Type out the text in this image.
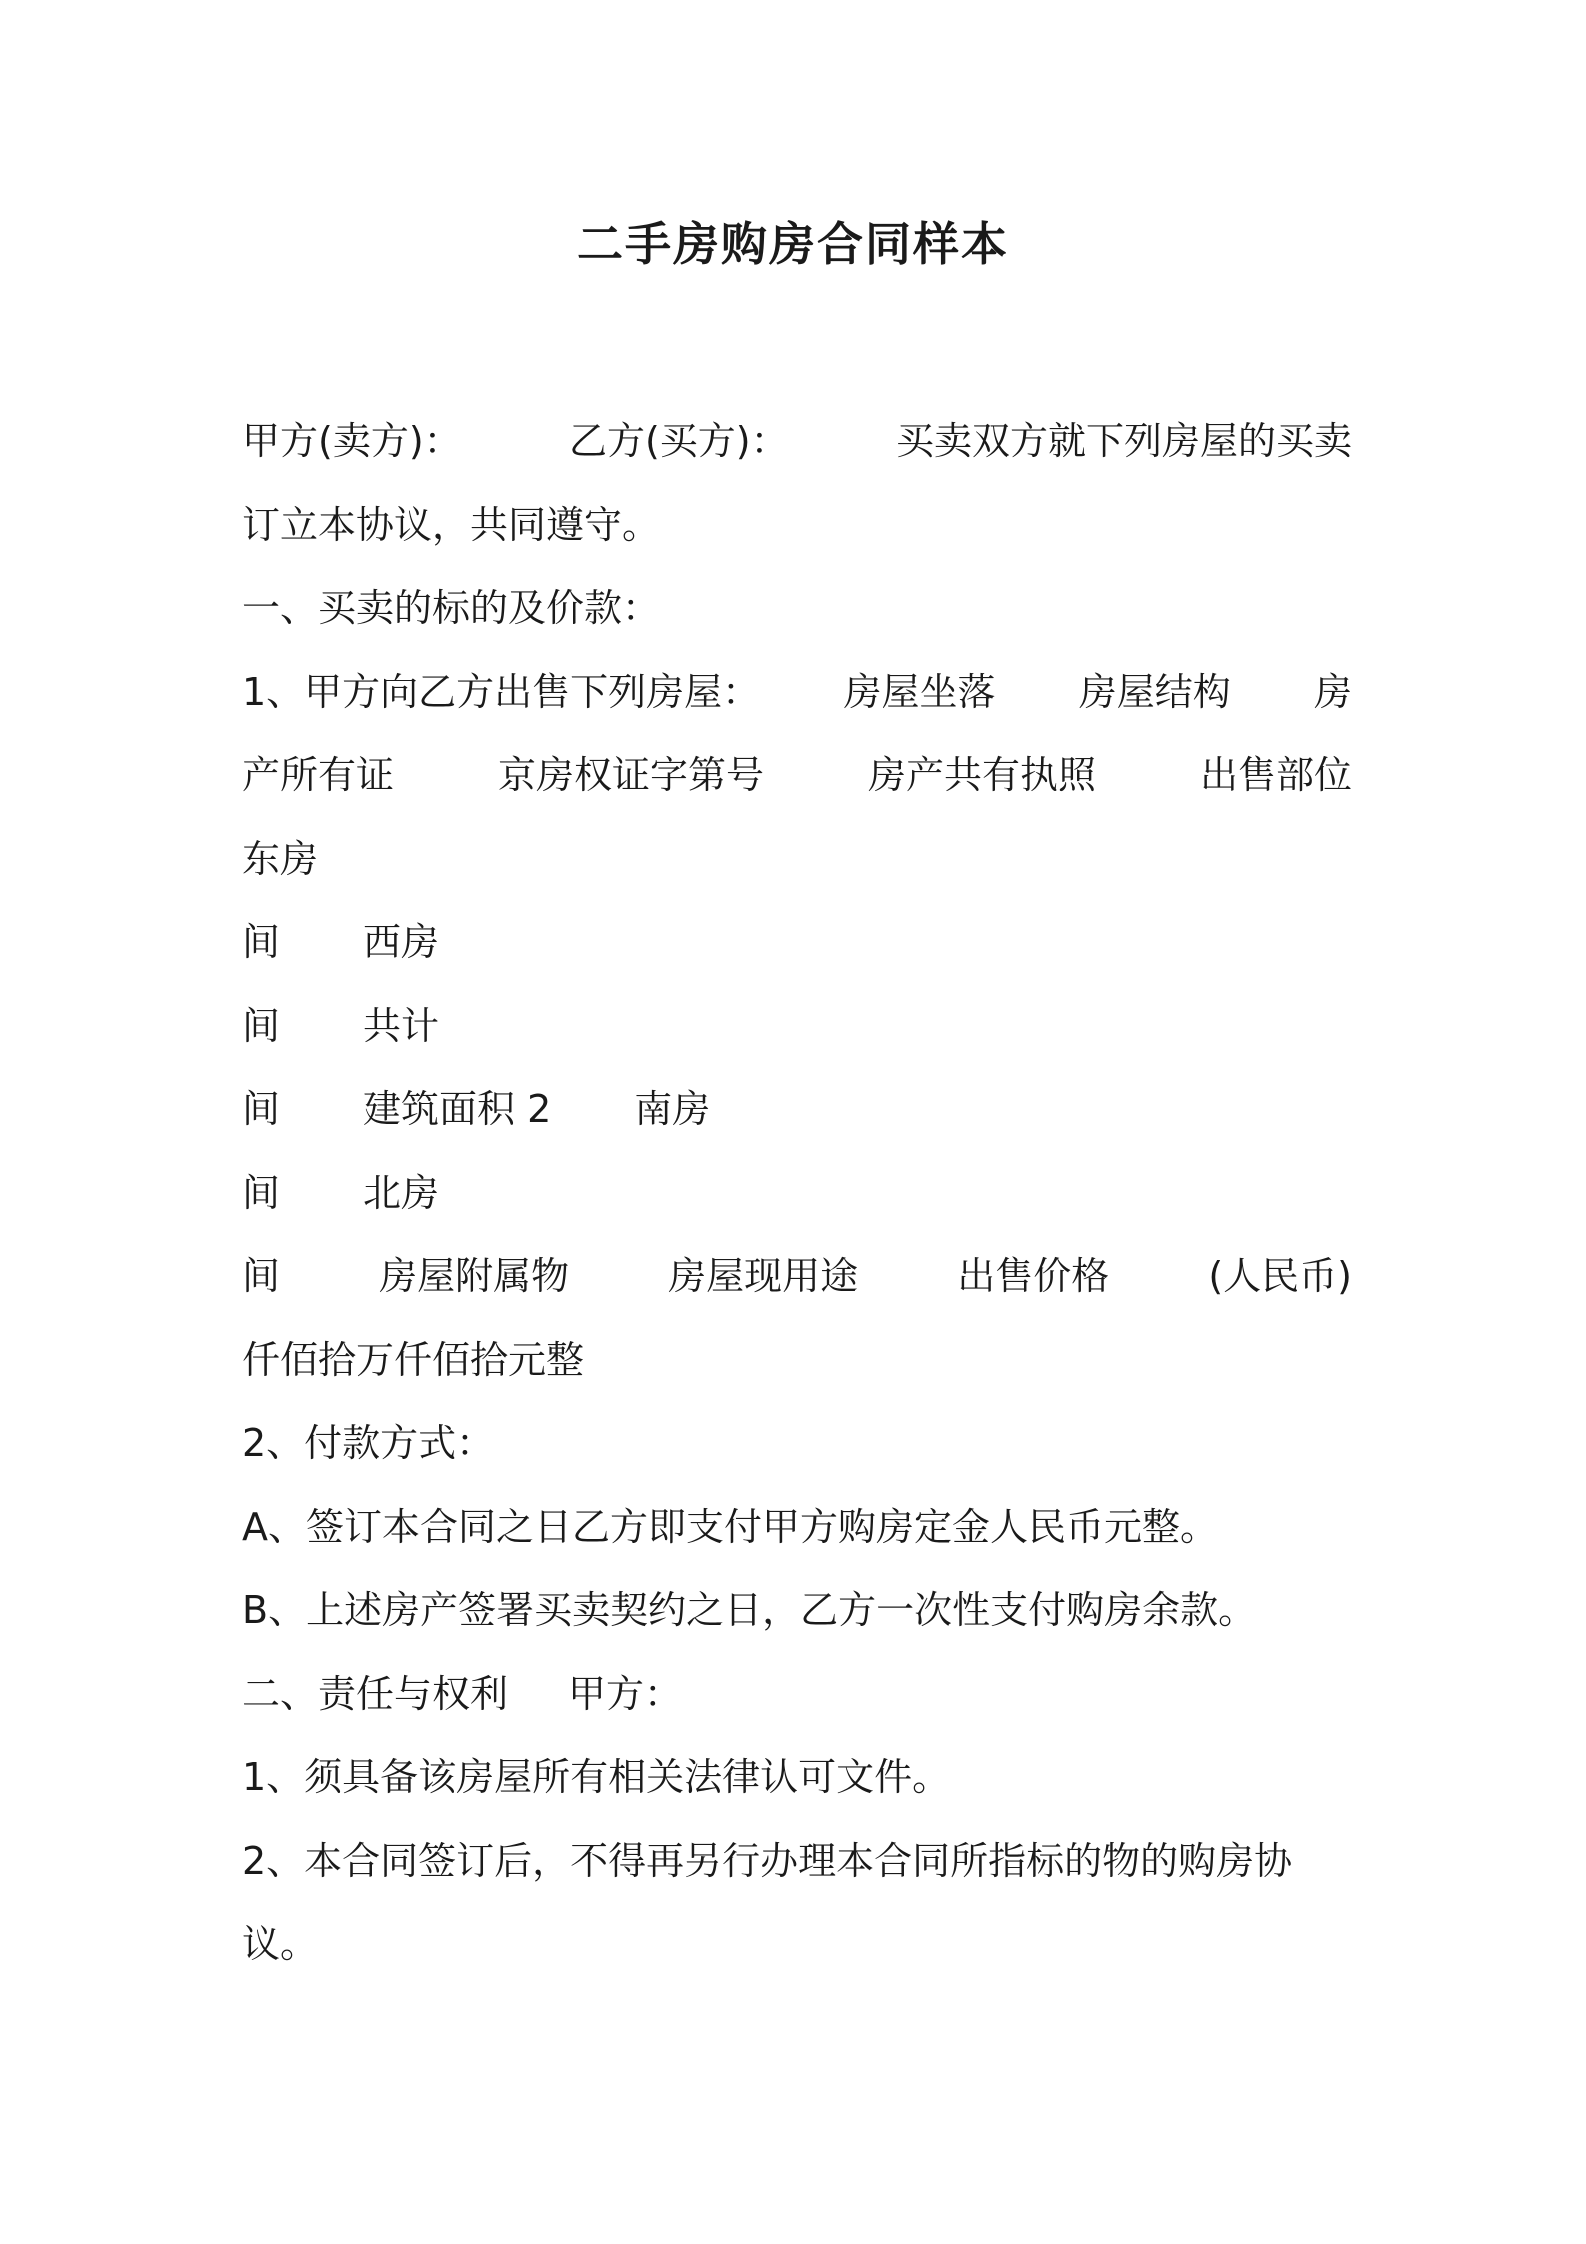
二手房购房合同样本
甲方(卖方)：	乙方(买方)：	买卖双方就下列房屋的买卖
订立本协议，共同遵守。
一、买卖的标的及价款：
1、甲方向乙方出售下列房屋： 房屋坐落 房屋结构 房
产所有证	京房权证字第号	房产共有执照	出售部位
东房
间 西房
间 共计
间 建筑面积 2 南房
间 北房
间	房屋附属物	房屋现用途	出售价格	(人民币)
仟佰拾万仟佰拾元整
2、付款方式：
A、签订本合同之日乙方即支付甲方购房定金人民币元整。
B、上述房产签署买卖契约之日，乙方一次性支付购房余款。
二、责任与权利 甲方：
1、须具备该房屋所有相关法律认可文件。
2、本合同签订后，不得再另行办理本合同所指标的物的购房协
议。
